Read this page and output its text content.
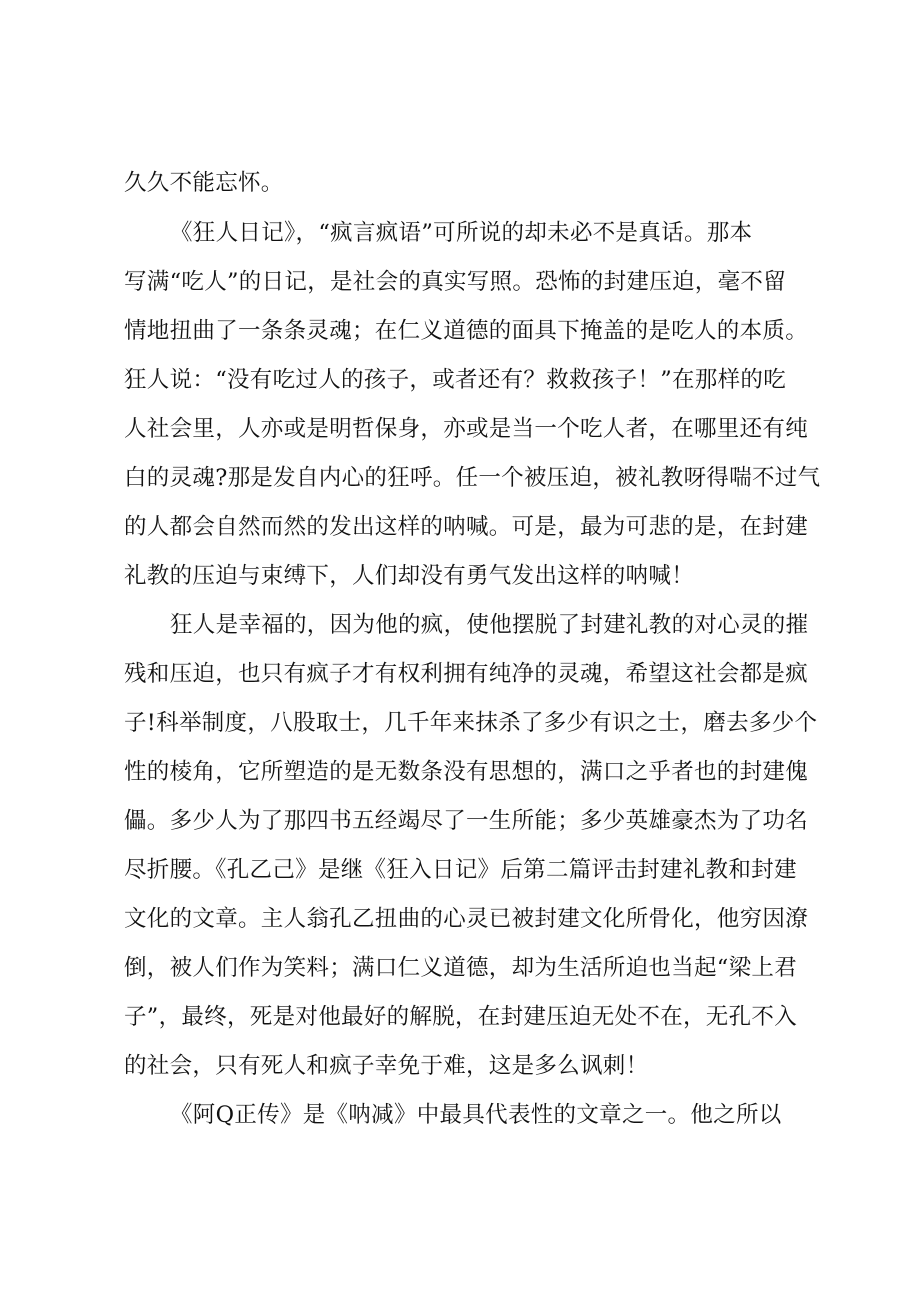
久久不能忘怀。
《狂人日记》，“疯言疯语”可所说的却未必不是真话。那本
写满“吃人”的日记，是社会的真实写照。恐怖的封建压迫，毫不留
情地扭曲了一条条灵魂；在仁义道德的面具下掩盖的是吃人的本质。
狂人说：“没有吃过人的孩子，或者还有？救救孩子！”在那样的吃
人社会里，人亦或是明哲保身，亦或是当一个吃人者，在哪里还有纯
白的灵魂?那是发自内心的狂呼。任一个被压迫，被礼教呀得喘不过气
的人都会自然而然的发出这样的呐喊。可是，最为可悲的是，在封建
礼教的压迫与束缚下，人们却没有勇气发出这样的呐喊！
狂人是幸福的，因为他的疯，使他摆脱了封建礼教的对心灵的摧
残和压迫，也只有疯子才有权利拥有纯净的灵魂，希望这社会都是疯
子!科举制度，八股取士，几千年来抹杀了多少有识之士，磨去多少个
性的棱角，它所塑造的是无数条没有思想的，满口之乎者也的封建傀
儡。多少人为了那四书五经竭尽了一生所能；多少英雄豪杰为了功名
尽折腰。《孔乙己》是继《狂入日记》后第二篇评击封建礼教和封建
文化的文章。主人翁孔乙扭曲的心灵已被封建文化所骨化，他穷因潦
倒，被人们作为笑料；满口仁义道德，却为生活所迫也当起“梁上君
子”，最终，死是对他最好的解脱，在封建压迫无处不在，无孔不入
的社会，只有死人和疯子幸免于难，这是多么讽刺！
《阿Q正传》是《呐减》中最具代表性的文章之一。他之所以
